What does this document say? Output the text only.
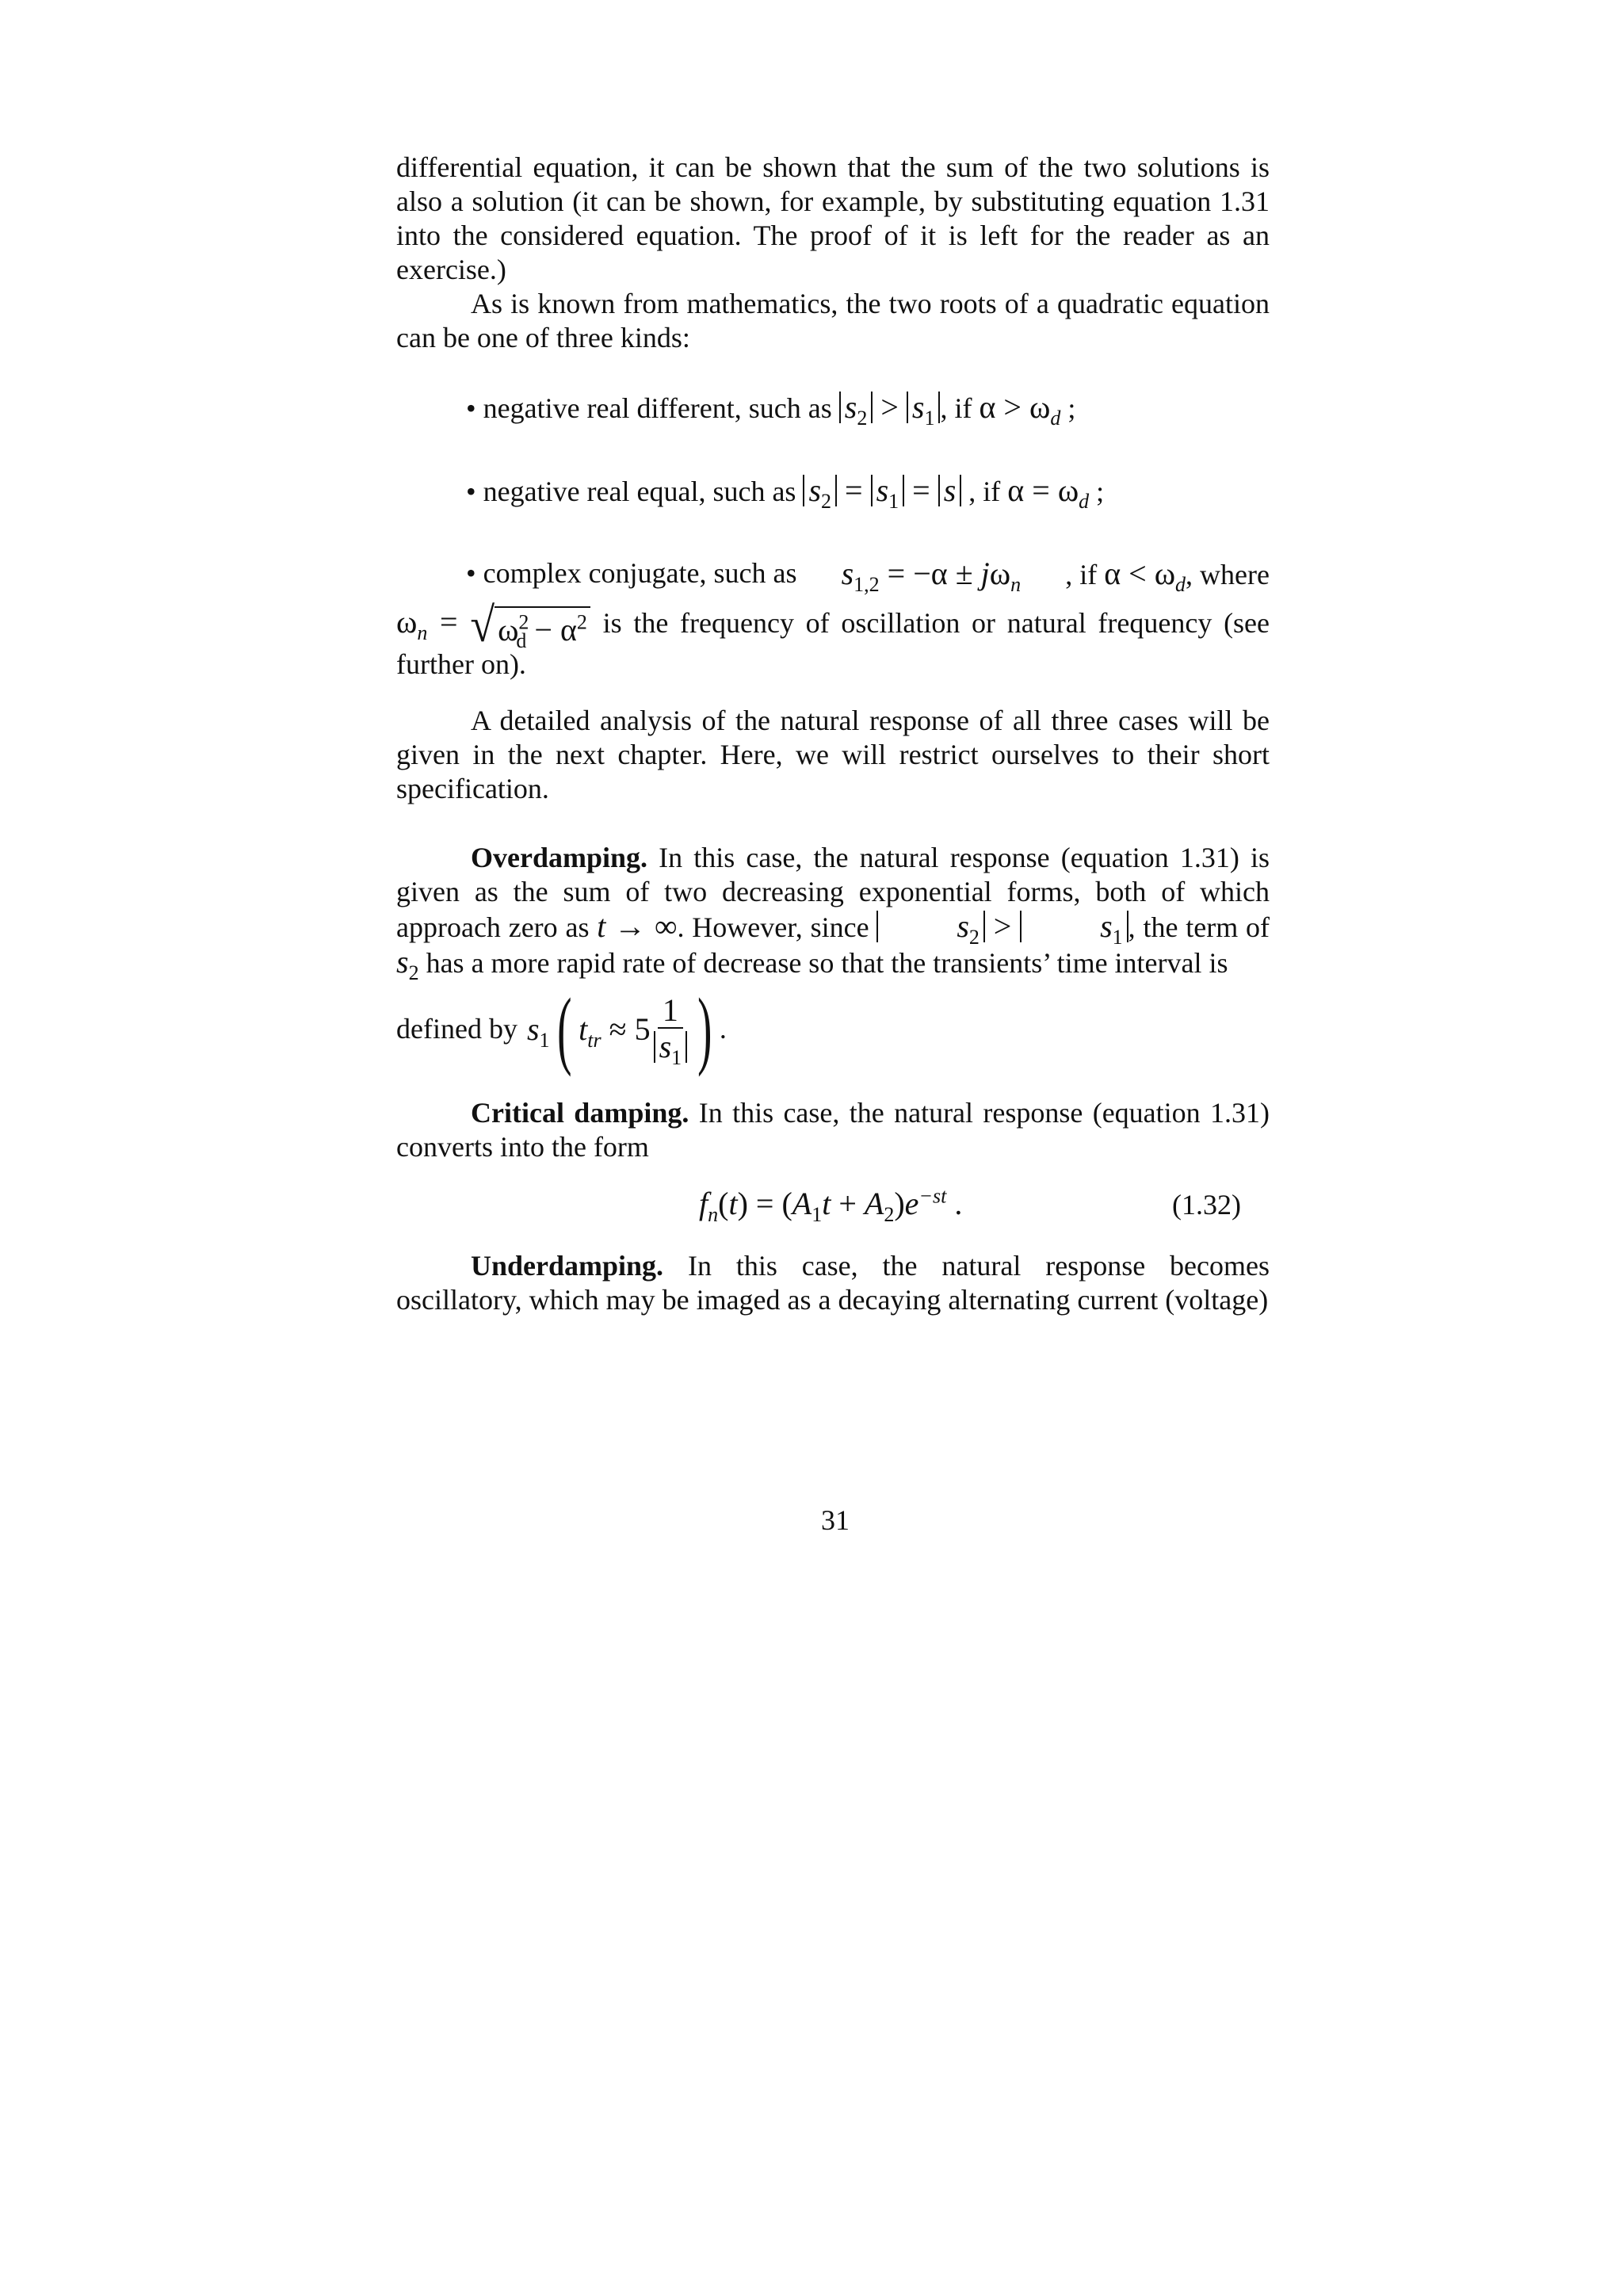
differential equation, it can be shown that the sum of the two solutions is also a solution (it can be shown, for example, by substituting equation 1.31 into the considered equation. The proof of it is left for the reader as an exercise.)

As is known from mathematics, the two roots of a quadratic equation can be one of three kinds:

• negative real different, such as $s_2 > s_1$ , if $\alpha > \omega_d$ ;
• negative real equal, such as $s_2 = s_1 = s$ , if $\alpha = \omega_d$ ;
• complex conjugate, such as $s_{1,2} = -\alpha \pm j\omega_n$ , if $\alpha < \omega_d$, where

$\omega_n$ = √ $\omega^2_d - \alpha^2$ is the frequency of oscillation or natural frequency (see further on).

A detailed analysis of the natural response of all three cases will be given in the next chapter. Here, we will restrict ourselves to their short specification.

Overdamping. In this case, the natural response (equation 1.31) is given as the sum of two decreasing exponential forms, both of which approach zero as t → ∞. However, since	$s_2$ >	$s_1$ , the term of $s_2$ has a more rapid rate of decrease so that the transients’ time interval is

defined by $s_1$ ( $t_{tr} \approx 5 \frac{1}{s_1}$ ) .

Critical damping. In this case, the natural response (equation 1.31) converts into the form

$f_n(t) = (A_1t + A_2)e^{-st}$ .	(1.32)

Underdamping. In this case, the natural response becomes oscillatory, which may be imaged as a decaying alternating current (voltage)

31
